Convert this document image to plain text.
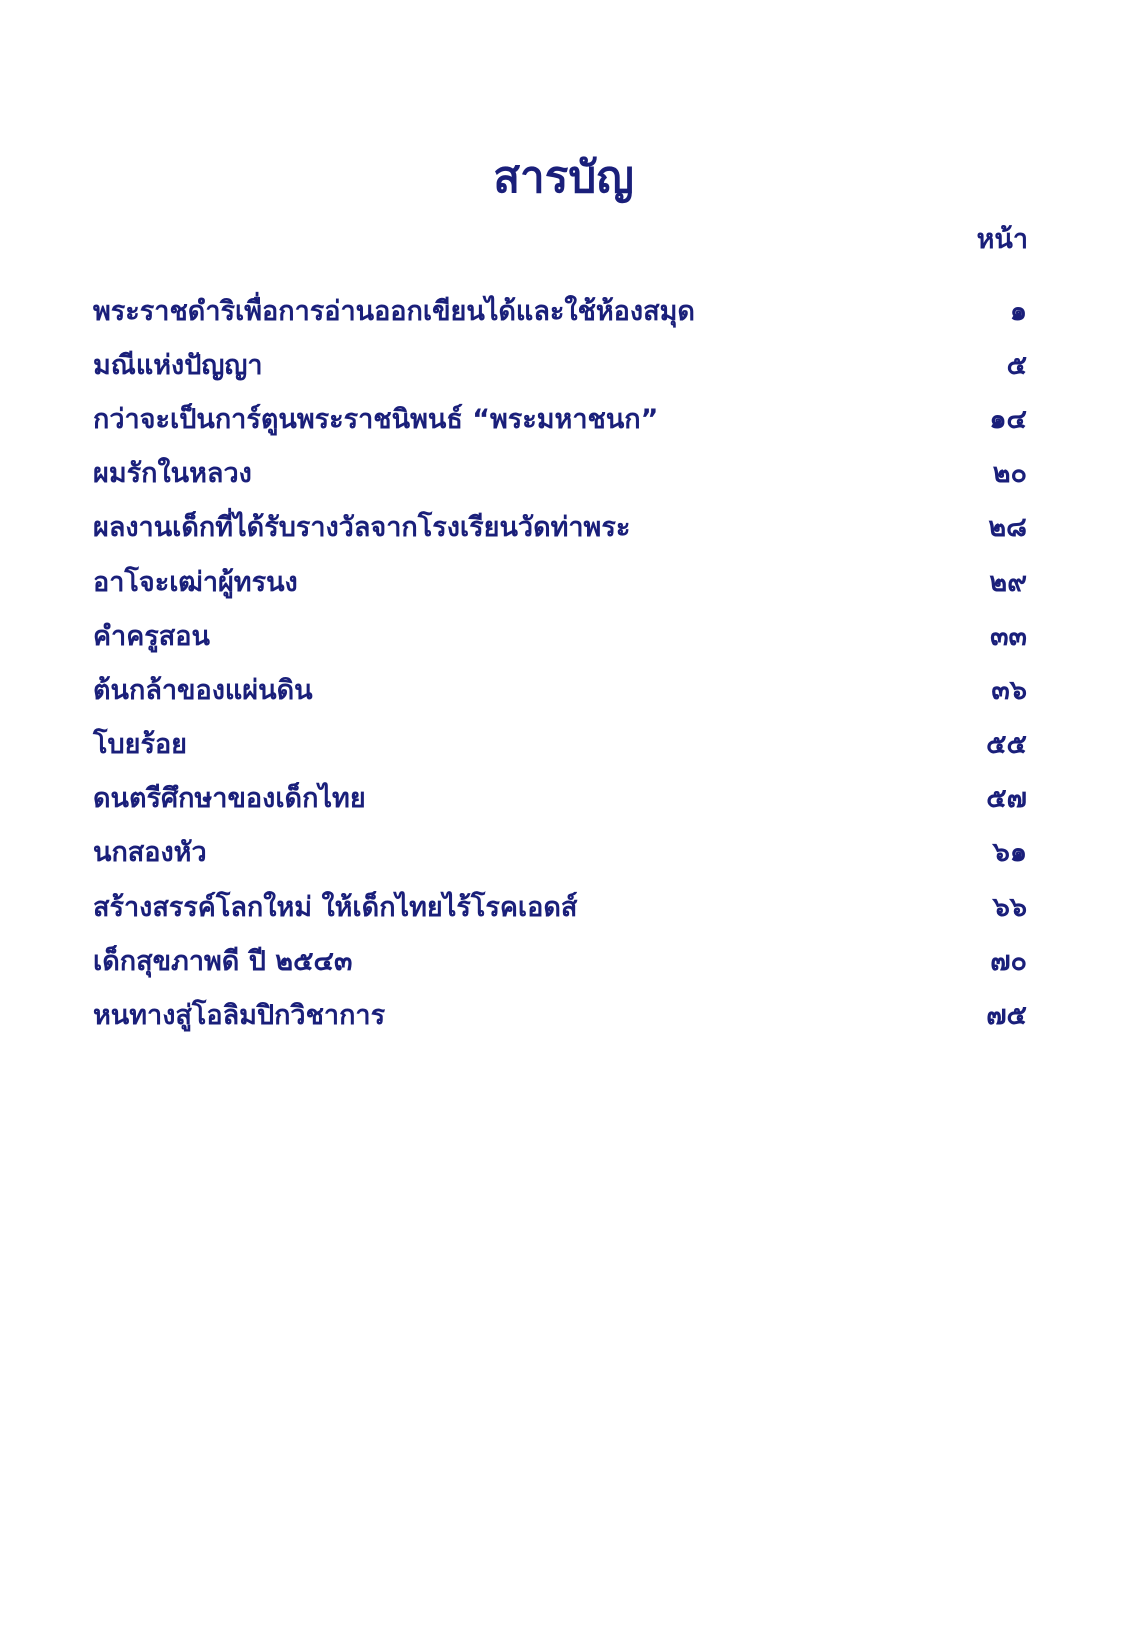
สารบัญ
หน้า
พระราชดำริเพื่อการอ่านออกเขียนได้และใช้ห้องสมุด	๑
มณีแห่งปัญญา	๕
กว่าจะเป็นการ์ตูนพระราชนิพนธ์ “พระมหาชนก”	๑๔
ผมรักในหลวง	๒๐
ผลงานเด็กที่ได้รับรางวัลจากโรงเรียนวัดท่าพระ	๒๘
อาโจะเฒ่าผู้ทรนง	๒๙
คำครูสอน	๓๓
ต้นกล้าของแผ่นดิน	๓๖
โบยร้อย	๕๕
ดนตรีศึกษาของเด็กไทย	๕๗
นกสองหัว	๖๑
สร้างสรรค์โลกใหม่ ให้เด็กไทยไร้โรคเอดส์	๖๖
เด็กสุขภาพดี ปี ๒๕๔๓	๗๐
หนทางสู่โอลิมปิกวิชาการ	๗๕
